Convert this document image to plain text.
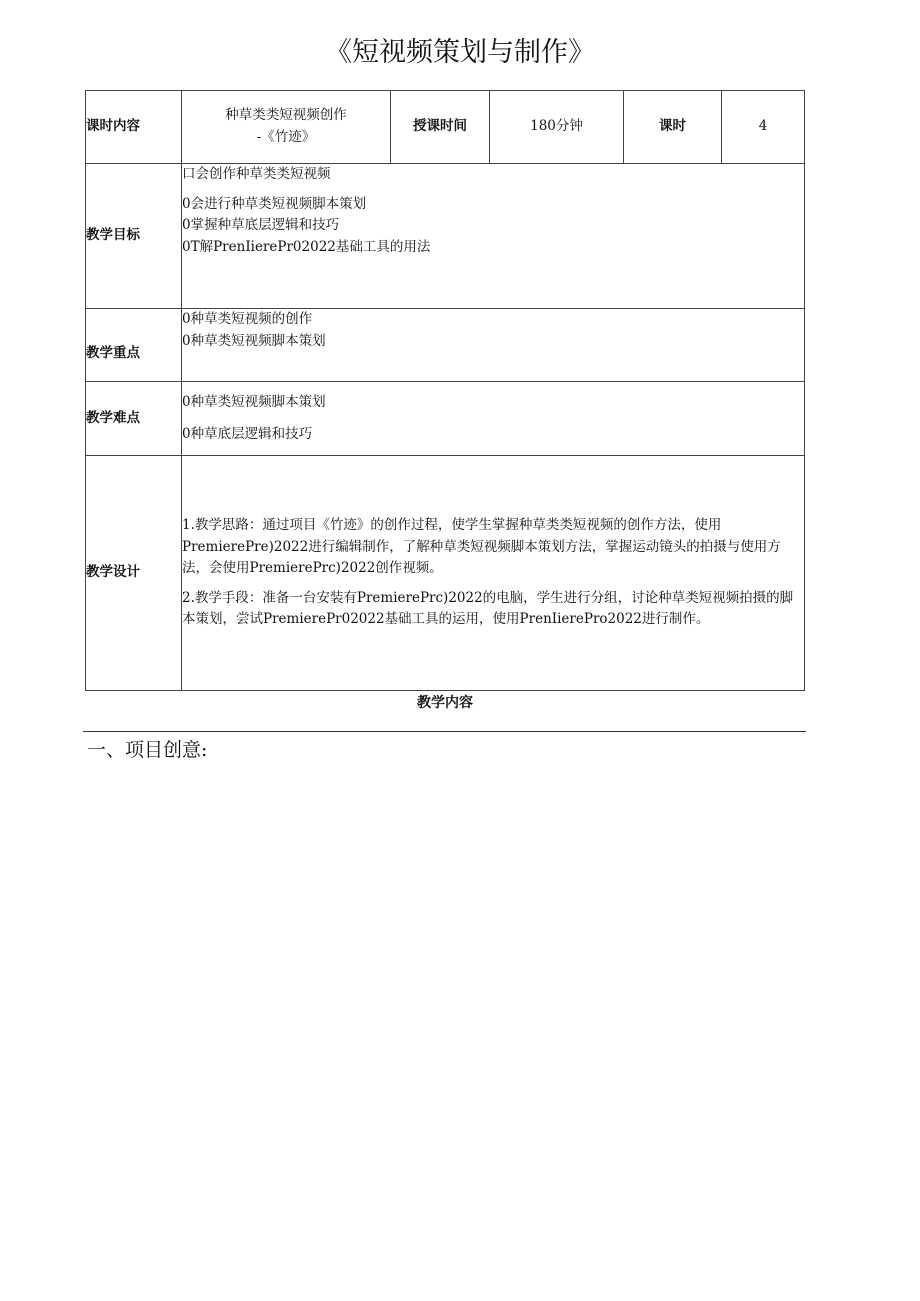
《短视频策划与制作》
课时内容	种草类类短视频创作
-《竹迹》	授课时间	180分钟	课时	4
教学目标	口会创作种草类类短视频
0会进行种草类短视频脚本策划
0掌握种草底层逻辑和技巧
0T解PrenIierePr02022基础工具的用法				

教学重点	0种草类短视频的创作
0种草类短视频脚本策划				

教学难点	0种草类短视频脚本策划
0种草底层逻辑和技巧				

教学设计	1.教学思路：通过项目《竹迹》的创作过程，使学生掌握种草类类短视频的创作方法，使用PremierePre)2022进行编辑制作，了解种草类短视频脚本策划方法，掌握运动镜头的拍摄与使用方法，会使用PremierePrc)2022创作视频。

2.教学手段：准备一台安装有PremierePrc)2022的电脑，学生进行分组，讨论种草类短视频拍摄的脚本策划，尝试PremierePr02022基础工具的运用，使用PrenIierePro2022进行制作。				

教学内容
一、项目创意:
